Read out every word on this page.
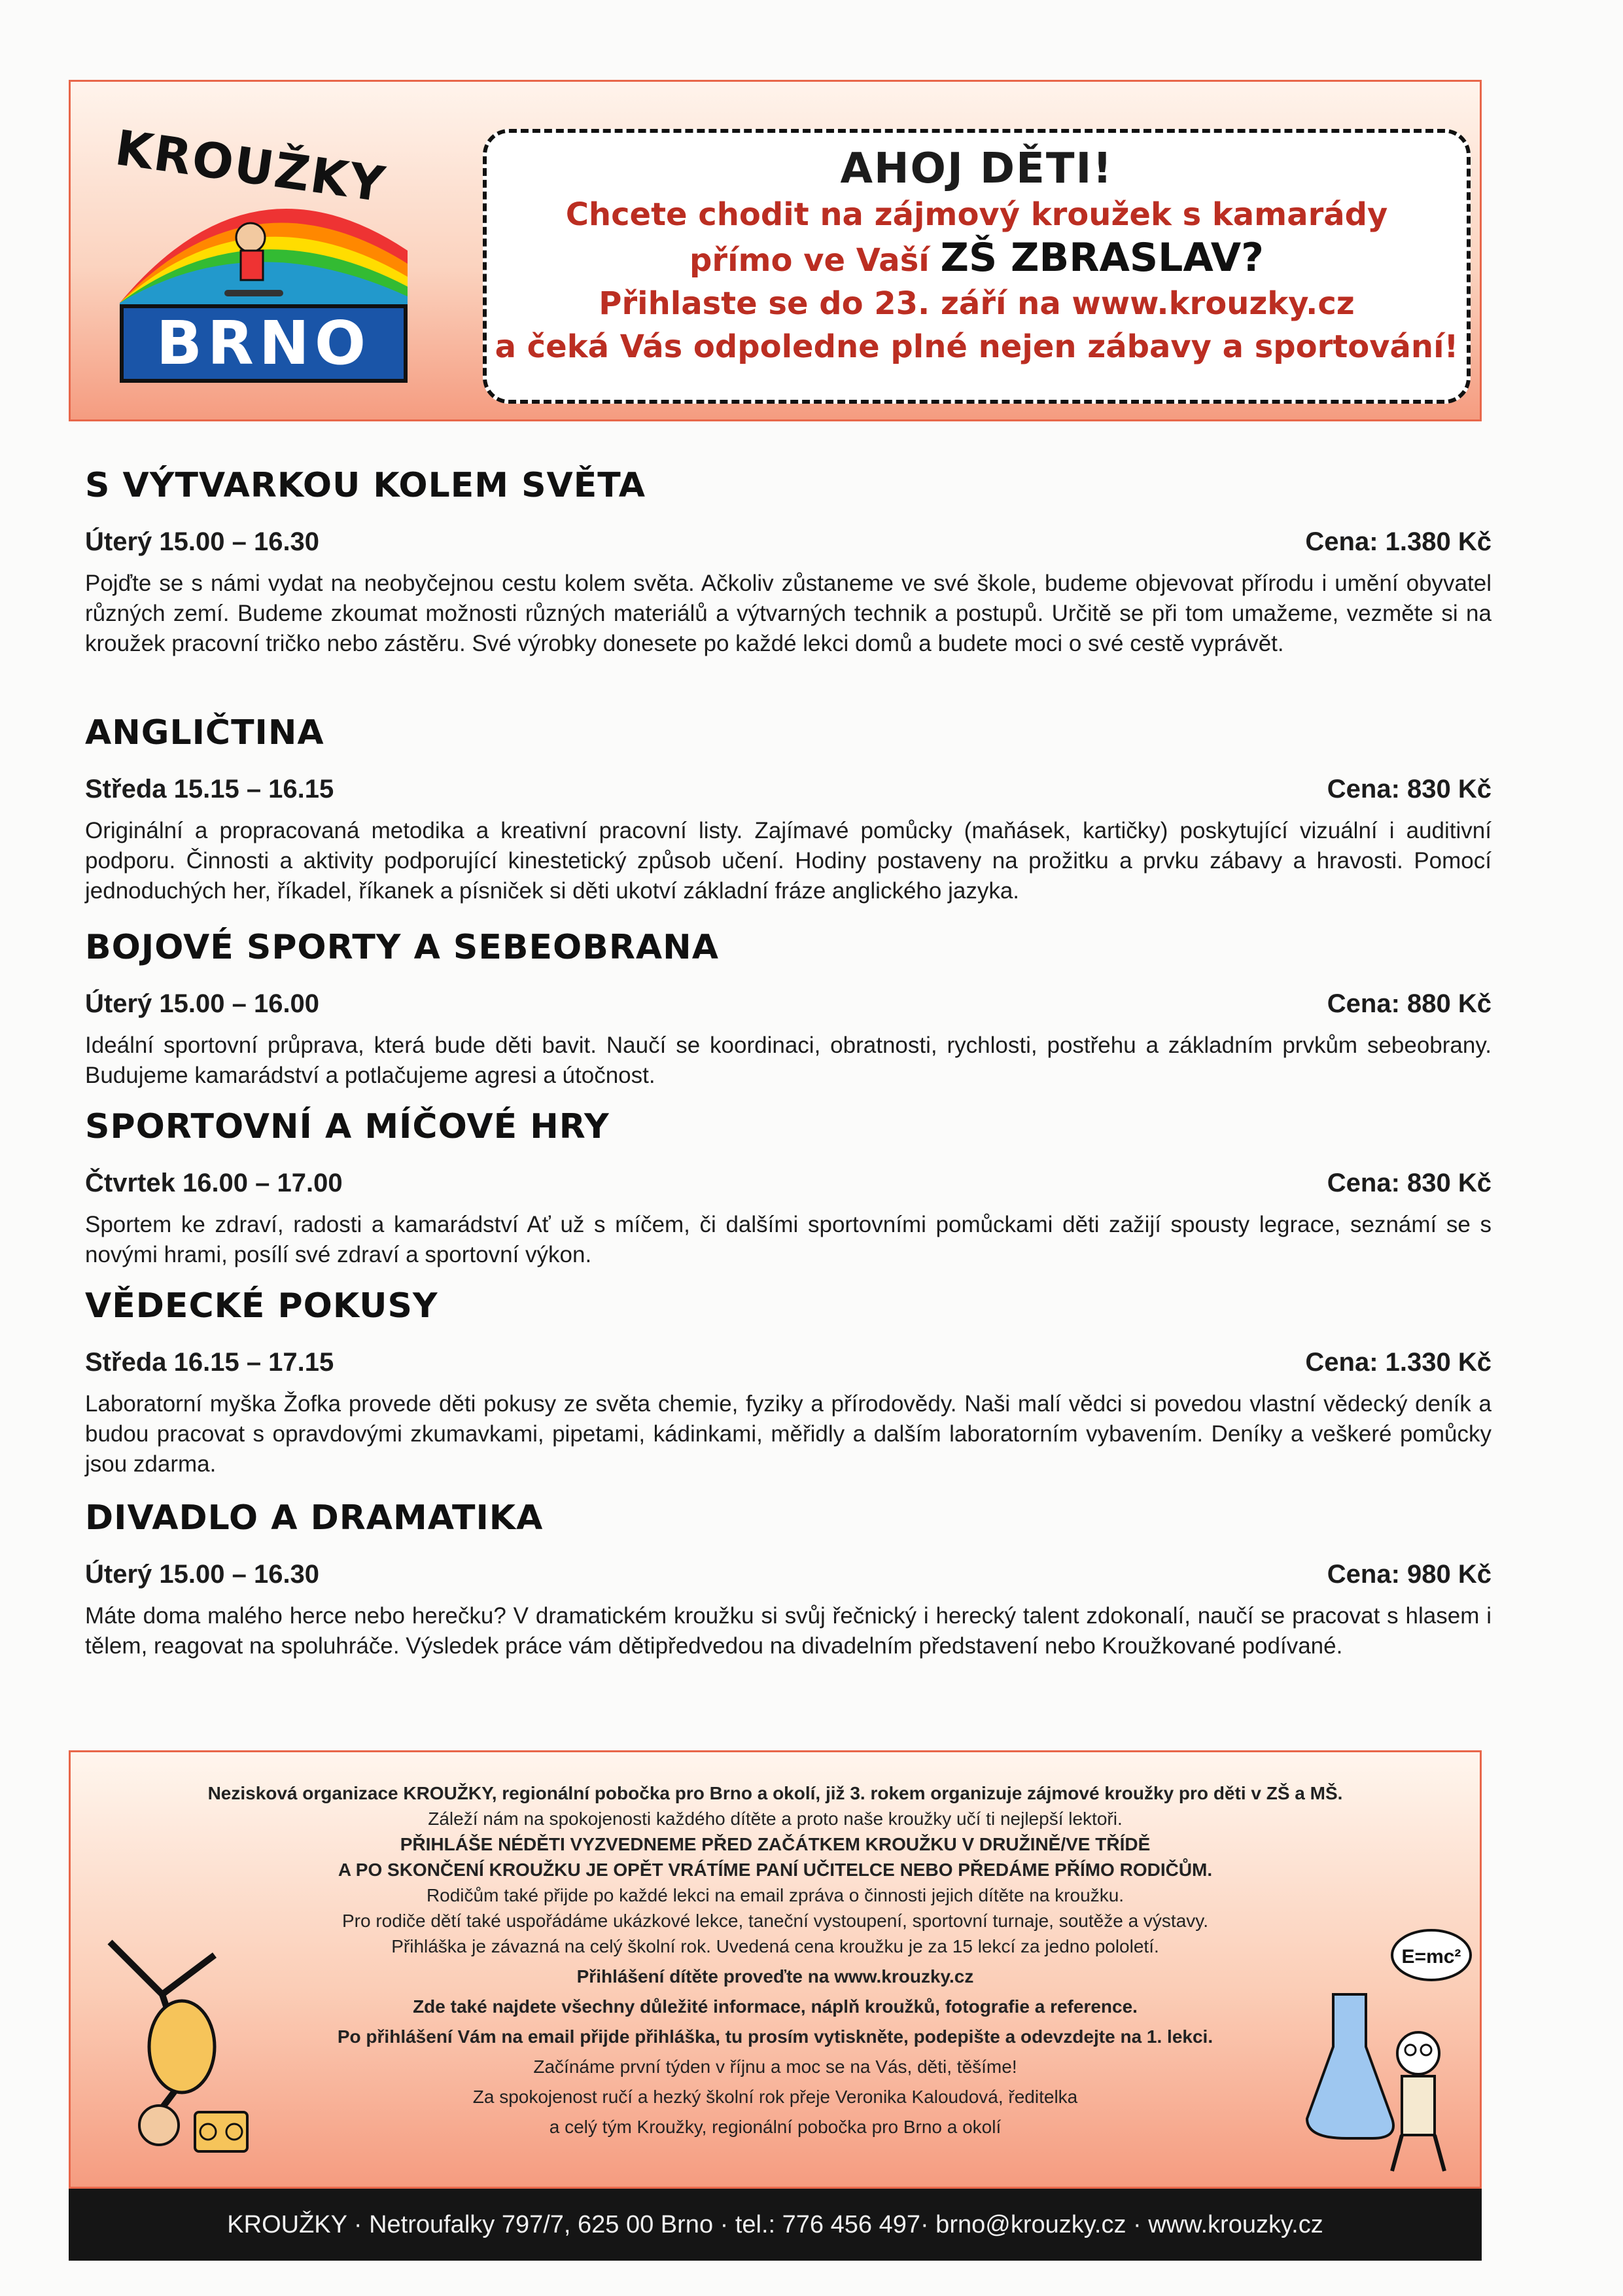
KROUŽKY
BRNO
AHOJ DĚTI!
Chcete chodit na zájmový kroužek s kamarády
přímo ve Vaší ZŠ ZBRASLAV?
Přihlaste se do 23. září na www.krouzky.cz
a čeká Vás odpoledne plné nejen zábavy a sportování!
S VÝTVARKOU KOLEM SVĚTA
Úterý 15.00 – 16.30	Cena: 1.380 Kč
Pojďte se s námi vydat na neobyčejnou cestu kolem světa. Ačkoliv zůstaneme ve své škole, budeme objevovat přírodu i umění obyvatel různých zemí. Budeme zkoumat možnosti různých materiálů a výtvarných technik a postupů. Určitě se při tom umažeme, vezměte si na kroužek pracovní tričko nebo zástěru. Své výrobky donesete po každé lekci domů a budete moci o své cestě vyprávět.
ANGLIČTINA
Středa 15.15 – 16.15	Cena: 830 Kč
Originální a propracovaná metodika a kreativní pracovní listy. Zajímavé pomůcky (maňásek, kartičky) poskytující vizuální i auditivní podporu. Činnosti a aktivity podporující kinestetický způsob učení. Hodiny postaveny na prožitku a prvku zábavy a hravosti. Pomocí jednoduchých her, říkadel, říkanek a písniček si děti ukotví základní fráze anglického jazyka.
BOJOVÉ SPORTY A SEBEOBRANA
Úterý 15.00 – 16.00	Cena: 880 Kč
Ideální sportovní průprava, která bude děti bavit. Naučí se koordinaci, obratnosti, rychlosti, postřehu a základním prvkům sebeobrany. Budujeme kamarádství a potlačujeme agresi a útočnost.
SPORTOVNÍ A MÍČOVÉ HRY
Čtvrtek 16.00 – 17.00	Cena: 830 Kč
Sportem ke zdraví, radosti a kamarádství Ať už s míčem, či dalšími sportovními pomůckami děti zažijí spousty legrace, seznámí se s novými hrami, posílí své zdraví a sportovní výkon.
VĚDECKÉ POKUSY
Středa 16.15 – 17.15	Cena: 1.330 Kč
Laboratorní myška Žofka provede děti pokusy ze světa chemie, fyziky a přírodovědy. Naši malí vědci si povedou vlastní vědecký deník a budou pracovat s opravdovými zkumavkami, pipetami, kádinkami, měřidly a dalším laboratorním vybavením. Deníky a veškeré pomůcky jsou zdarma.
DIVADLO A DRAMATIKA
Úterý 15.00 – 16.30	Cena: 980 Kč
Máte doma malého herce nebo herečku? V dramatickém kroužku si svůj řečnický i herecký talent zdokonalí, naučí se pracovat s hlasem i tělem, reagovat na spoluhráče. Výsledek práce vám dětipředvedou na divadelním představení nebo Kroužkované podívané.
Nezisková organizace KROUŽKY, regionální pobočka pro Brno a okolí, již 3. rokem organizuje zájmové kroužky pro děti v ZŠ a MŠ.
Záleží nám na spokojenosti každého dítěte a proto naše kroužky učí ti nejlepší lektoři.
PŘIHLÁŠE NÉDĚTI VYZVEDNEME PŘED ZAČÁTKEM KROUŽKU V DRUŽINĚ/VE TŘÍDĚ
A PO SKONČENÍ KROUŽKU JE OPĚT VRÁTÍME PANÍ UČITELCE NEBO PŘEDÁME PŘÍMO RODIČŮM.
Rodičům také přijde po každé lekci na email zpráva o činnosti jejich dítěte na kroužku.
Pro rodiče dětí také uspořádáme ukázkové lekce, taneční vystoupení, sportovní turnaje, soutěže a výstavy.
Přihláška je závazná na celý školní rok. Uvedená cena kroužku je za 15 lekcí za jedno pololetí.
Přihlášení dítěte proveďte na www.krouzky.cz
Zde také najdete všechny důležité informace, náplň kroužků, fotografie a reference.
Po přihlášení Vám na email přijde přihláška, tu prosím vytiskněte, podepište a odevzdejte na 1. lekci.
Začínáme první týden v říjnu a moc se na Vás, děti, těšíme!
Za spokojenost ručí a hezký školní rok přeje Veronika Kaloudová, ředitelka
a celý tým Kroužky, regionální pobočka pro Brno a okolí
E=mc²
KROUŽKY · Netroufalky 797/7, 625 00 Brno · tel.: 776 456 497· brno@krouzky.cz · www.krouzky.cz
